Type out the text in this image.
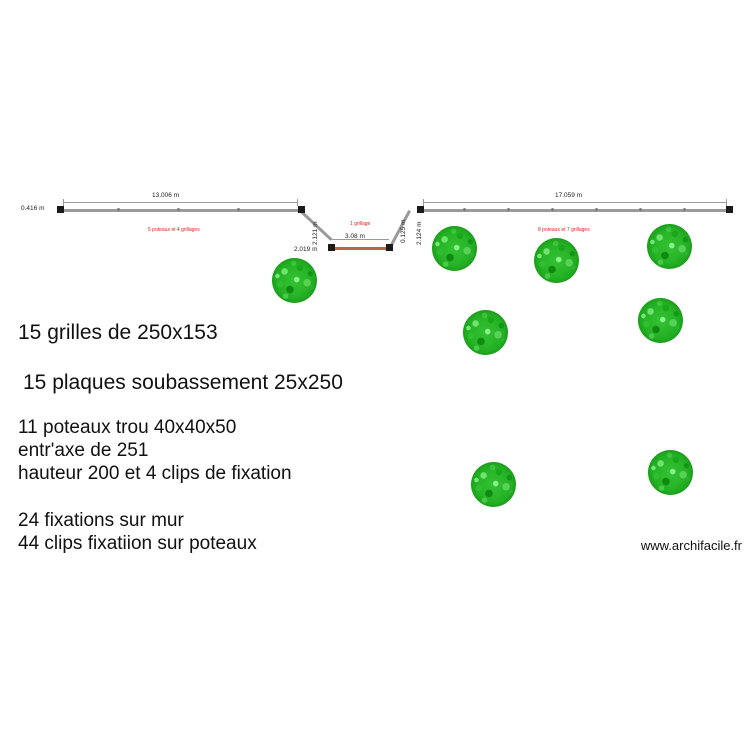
13.006 m
5 poteaux et 4 grillages
0.416 m
17.059 m
8 poteaux et 7 grillages
2.121 m
2.019 m
2.124 m
0.125 m
3.08 m
1 grillage
15 grilles de 250x153
15 plaques soubassement 25x250
11 poteaux trou 40x40x50
entr'axe de 251
hauteur 200 et 4 clips de fixation
24 fixations sur mur
44 clips fixatiion sur poteaux	www.archifacile.fr
